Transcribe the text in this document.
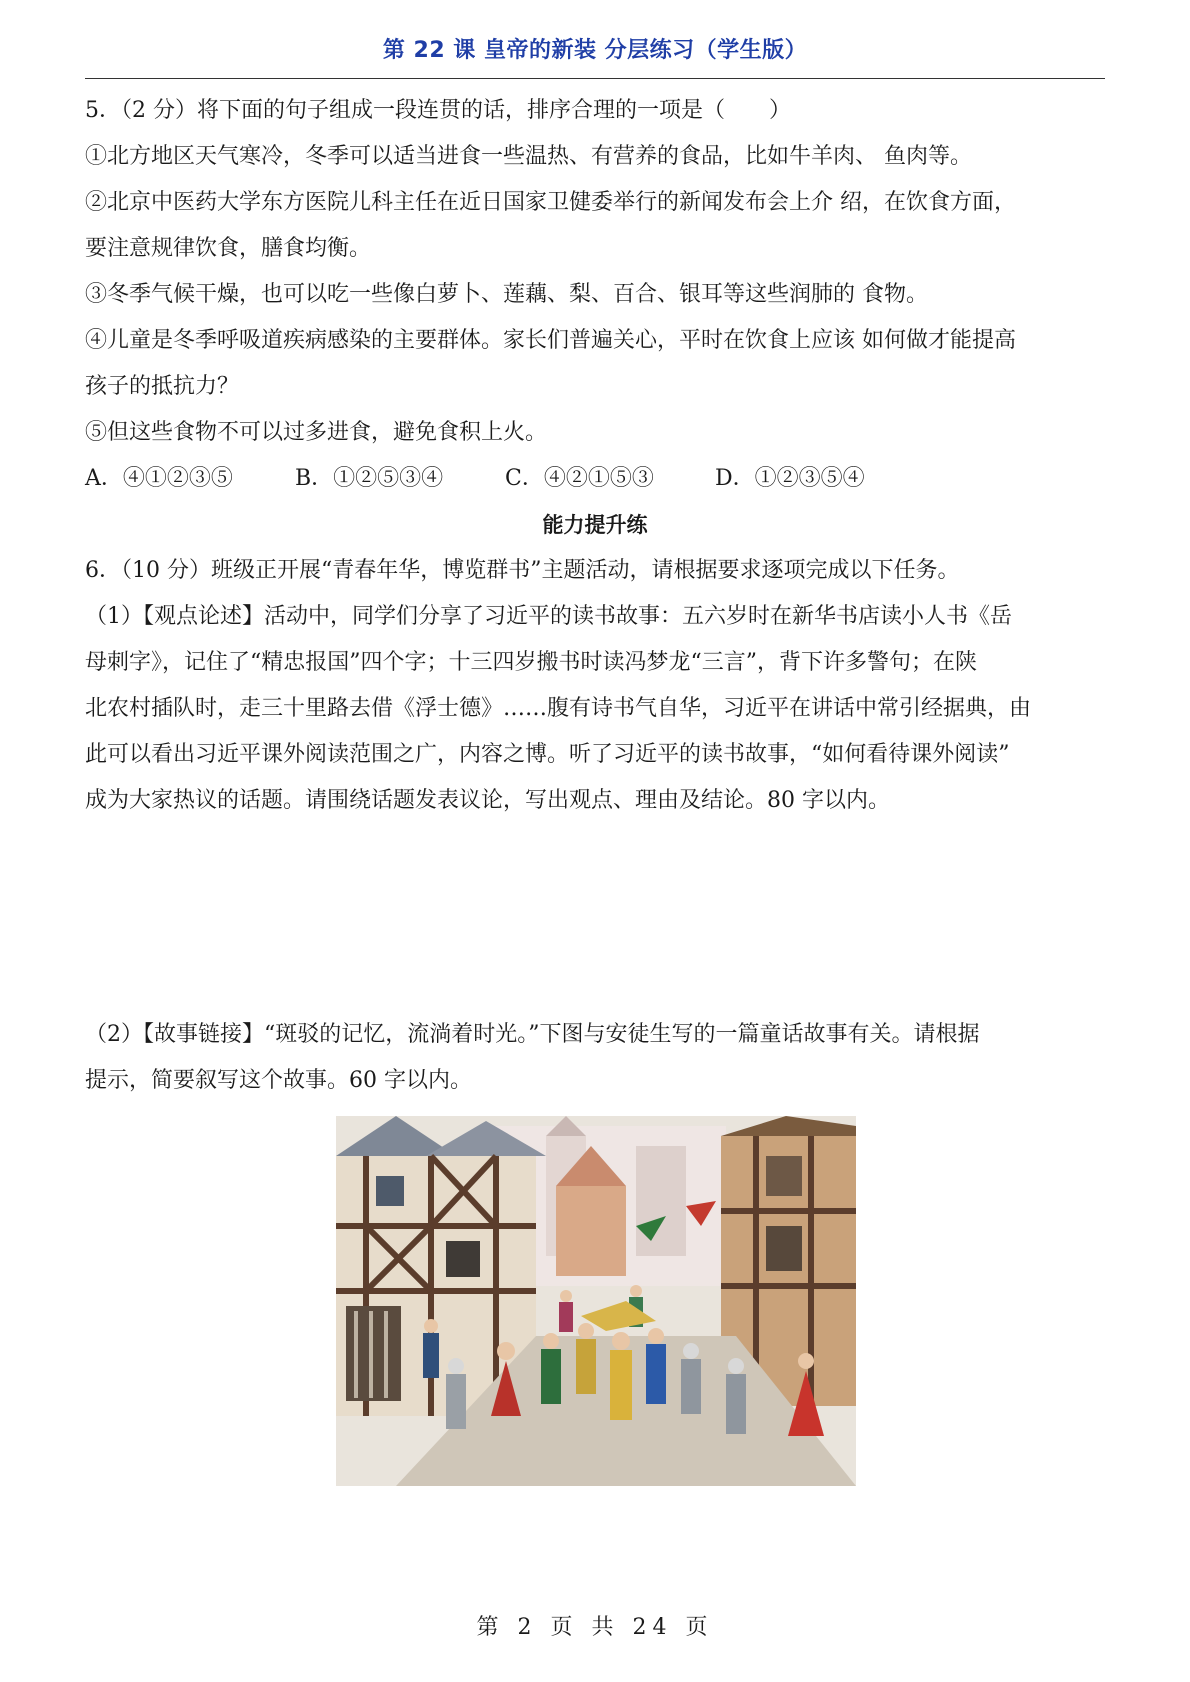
第 22 课 皇帝的新装 分层练习（学生版）
5．（2 分）将下面的句子组成一段连贯的话，排序合理的一项是（　　）
①北方地区天气寒冷，冬季可以适当进食一些温热、有营养的食品，比如牛羊肉、 鱼肉等。
②北京中医药大学东方医院儿科主任在近日国家卫健委举行的新闻发布会上介 绍，在饮食方面，
要注意规律饮食，膳食均衡。
③冬季气候干燥，也可以吃一些像白萝卜、莲藕、梨、百合、银耳等这些润肺的 食物。
④儿童是冬季呼吸道疾病感染的主要群体。家长们普遍关心，平时在饮食上应该 如何做才能提高
孩子的抵抗力？
⑤但这些食物不可以过多进食，避免食积上火。
A．④①②③⑤	B．①②⑤③④	C．④②①⑤③	D．①②③⑤④
能力提升练
6．（10 分）班级正开展“青春年华，博览群书”主题活动，请根据要求逐项完成以下任务。
（1）【观点论述】活动中，同学们分享了习近平的读书故事：五六岁时在新华书店读小人书《岳
母刺字》，记住了“精忠报国”四个字；十三四岁搬书时读冯梦龙“三言”，背下许多警句；在陕
北农村插队时，走三十里路去借《浮士德》……腹有诗书气自华，习近平在讲话中常引经据典，由
此可以看出习近平课外阅读范围之广，内容之博。听了习近平的读书故事，“如何看待课外阅读”
成为大家热议的话题。请围绕话题发表议论，写出观点、理由及结论。80 字以内。
（2）【故事链接】“斑驳的记忆，流淌着时光。”下图与安徒生写的一篇童话故事有关。请根据
提示，简要叙写这个故事。60 字以内。
第 2 页 共 24 页
